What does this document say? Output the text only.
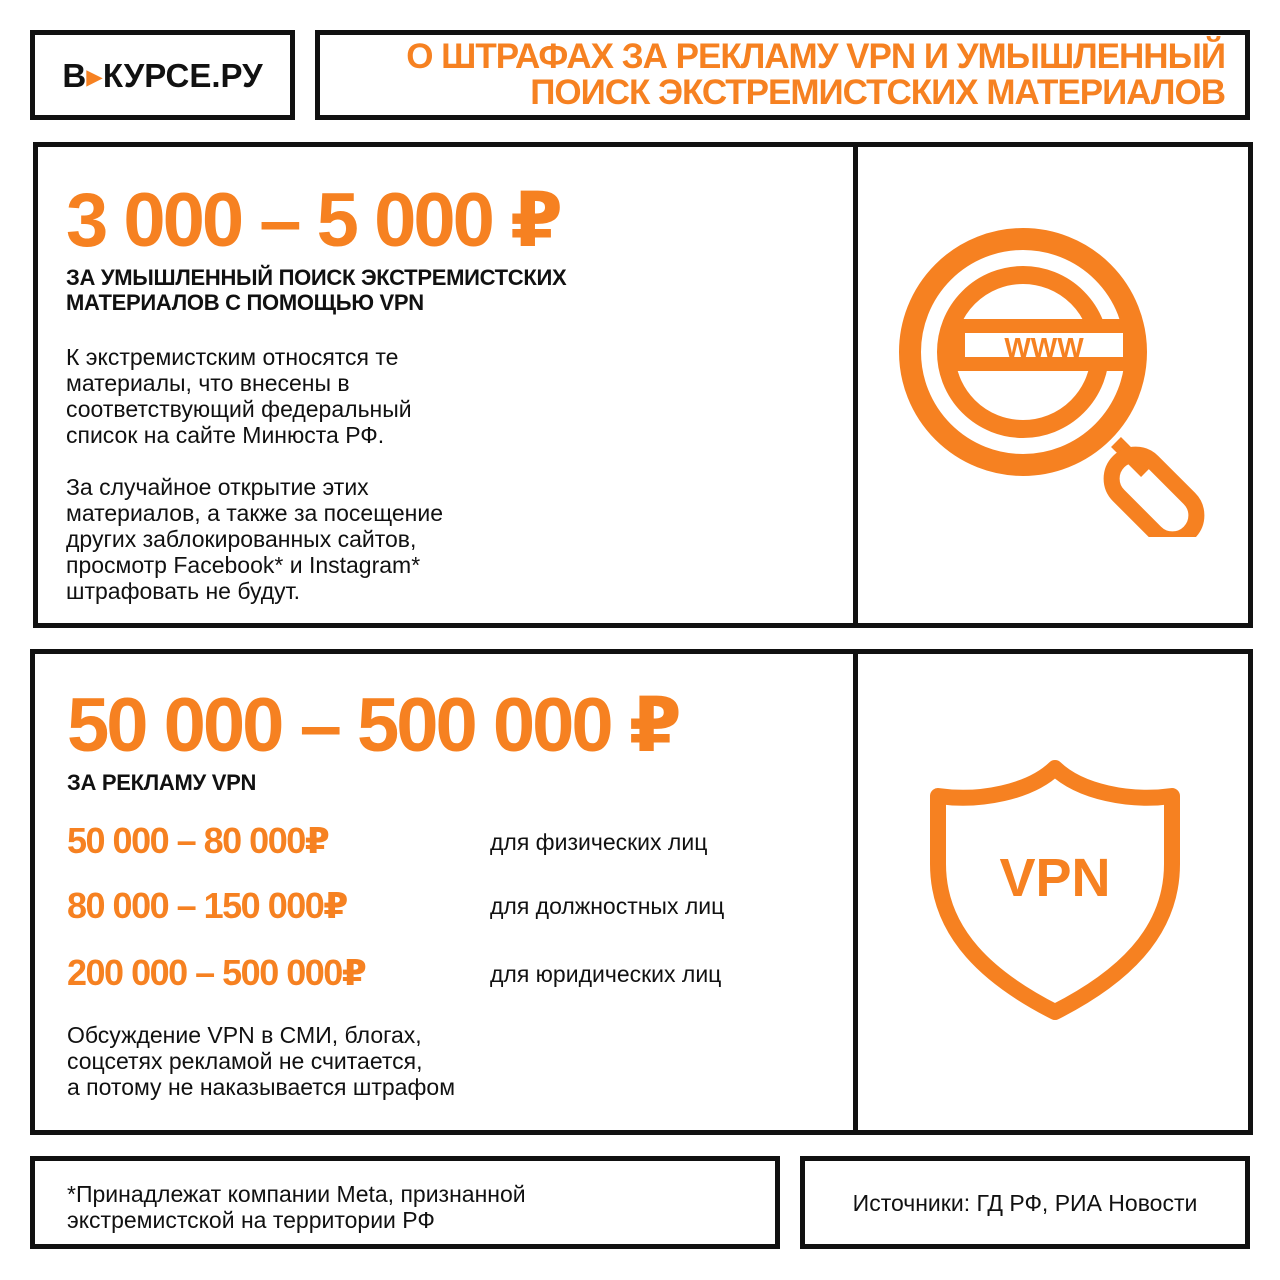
В▸КУРСЕ.РУ	О ШТРАФАХ ЗА РЕКЛАМУ VPN И УМЫШЛЕННЫЙ
ПОИСК ЭКСТРЕМИСТСКИХ МАТЕРИАЛОВ
3 000 – 5 000 ₽
ЗА УМЫШЛЕННЫЙ ПОИСК ЭКСТРЕМИСТСКИХ
МАТЕРИАЛОВ С ПОМОЩЬЮ VPN
К экстремистским относятся те
материалы, что внесены в
соответствующий федеральный
список на сайте Минюста РФ.
За случайное открытие этих
материалов, а также за посещение
других заблокированных сайтов,
просмотр Facebook* и Instagram*
штрафовать не будут.
WWW
50 000 – 500 000 ₽
ЗА РЕКЛАМУ VPN
50 000 – 80 000₽	для физических лиц
80 000 – 150 000₽	для должностных лиц
200 000 – 500 000₽	для юридических лиц
Обсуждение VPN в СМИ, блогах,
соцсетях рекламой не считается,
а потому не наказывается штрафом
VPN
*Принадлежат компании Meta, признанной
экстремистской на территории РФ
Источники: ГД РФ, РИА Новости
